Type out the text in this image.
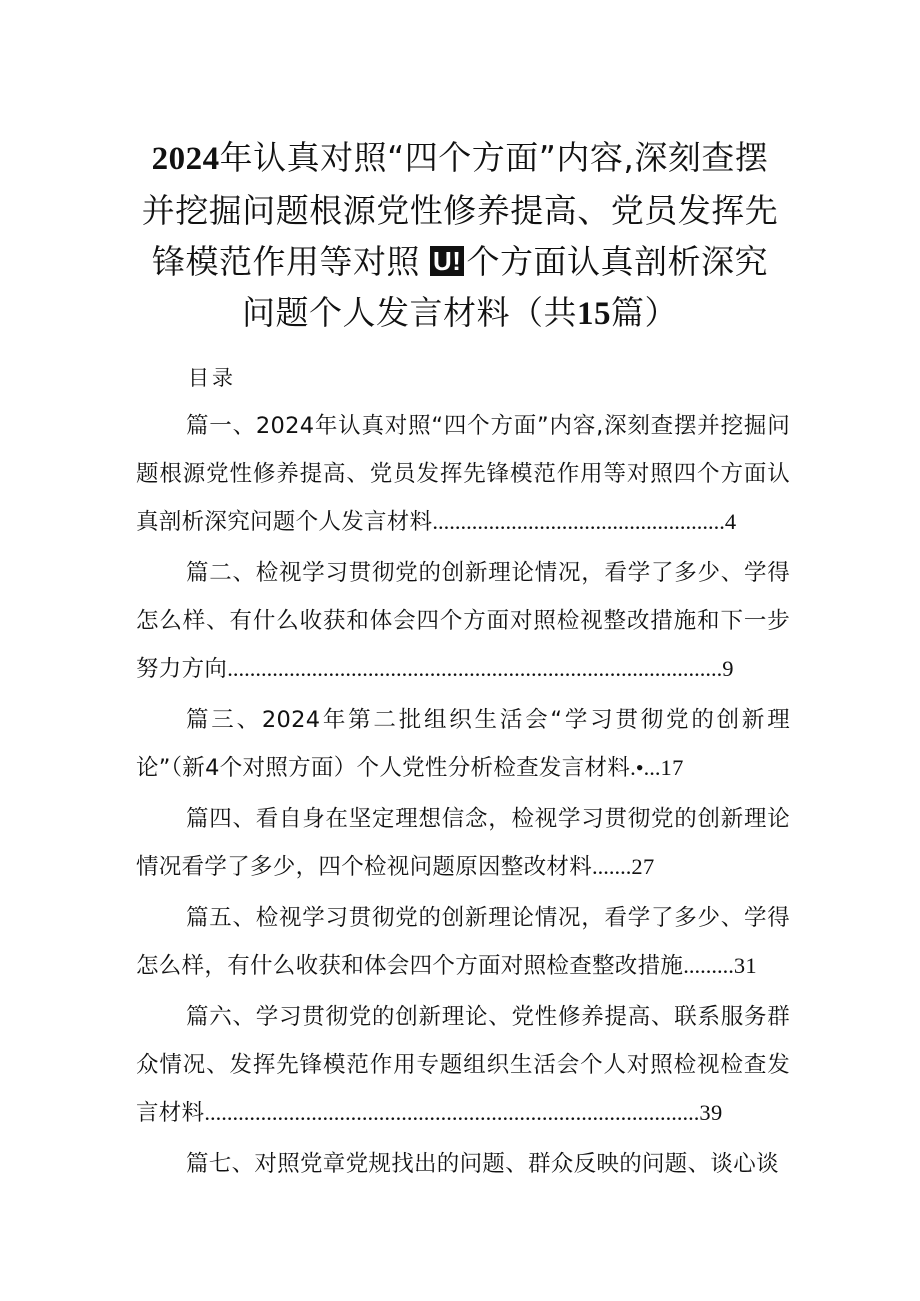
2024年认真对照“四个方面”内容,深刻查摆
并挖掘问题根源党性修养提高、党员发挥先
锋模范作用等对照 U! 个方面认真剖析深究
问题个人发言材料（共15篇）
目录
篇一、2024年认真对照“四个方面”内容,深刻查摆并挖掘问题根源党性修养提高、党员发挥先锋模范作用等对照四个方面认真剖析深究问题个人发言材料....................................................4
篇二、检视学习贯彻党的创新理论情况，看学了多少、学得怎么样、有什么收获和体会四个方面对照检视整改措施和下一步努力方向........................................................................................9
篇三、2024年第二批组织生活会“学习贯彻党的创新理论”（新4个对照方面）个人党性分析检查发言材料.•...17
篇四、看自身在坚定理想信念，检视学习贯彻党的创新理论情况看学了多少，四个检视问题原因整改材料.......27
篇五、检视学习贯彻党的创新理论情况，看学了多少、学得怎么样，有什么收获和体会四个方面对照检查整改措施.........31
篇六、学习贯彻党的创新理论、党性修养提高、联系服务群众情况、发挥先锋模范作用专题组织生活会个人对照检视检查发言材料........................................................................................39
篇七、对照党章党规找出的问题、群众反映的问题、谈心谈
